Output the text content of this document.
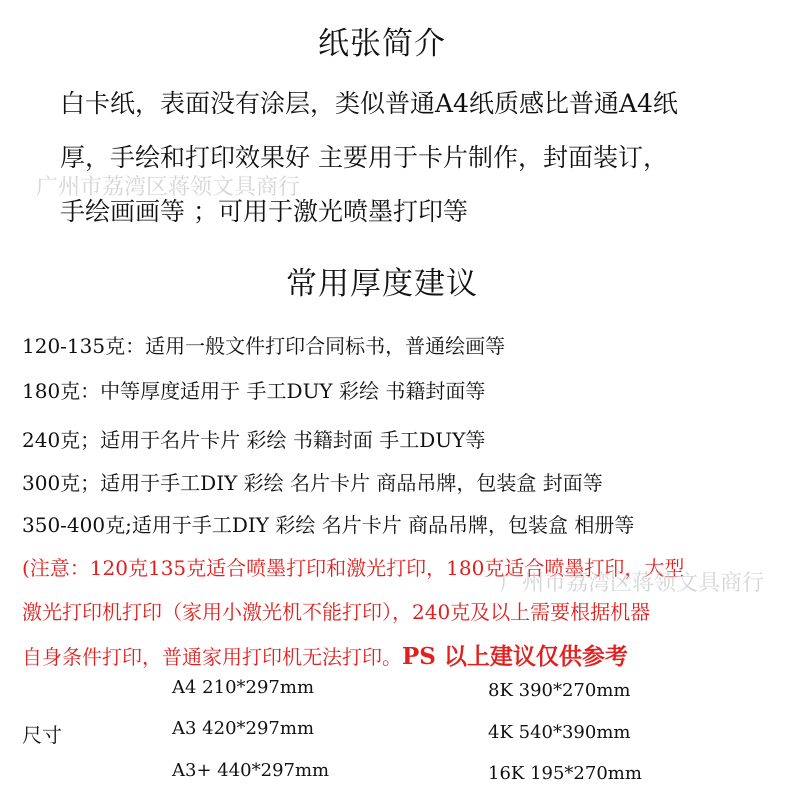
纸张简介
白卡纸，表面没有涂层，类似普通A4纸质感比普通A4纸
厚，手绘和打印效果好 主要用于卡片制作，封面装订，
手绘画画等 ；可用于激光喷墨打印等
广州市荔湾区蒋领文具商行
常用厚度建议
120-135克：适用一般文件打印合同标书，普通绘画等
180克：中等厚度适用于 手工DUY 彩绘 书籍封面等
240克；适用于名片卡片 彩绘 书籍封面 手工DUY等
300克；适用于手工DIY 彩绘 名片卡片 商品吊牌，包装盒 封面等
350-400克;适用于手工DIY 彩绘 名片卡片 商品吊牌，包装盒 相册等
(注意：120克135克适合喷墨打印和激光打印，180克适合喷墨打印，大型
激光打印机打印（家用小激光机不能打印），240克及以上需要根据机器
自身条件打印，普通家用打印机无法打印。PS 以上建议仅供参考
广州市荔湾区蒋领文具商行
尺寸
A4 210*297mm
A3 420*297mm
A3+ 440*297mm
8K 390*270mm
4K 540*390mm
16K 195*270mm
